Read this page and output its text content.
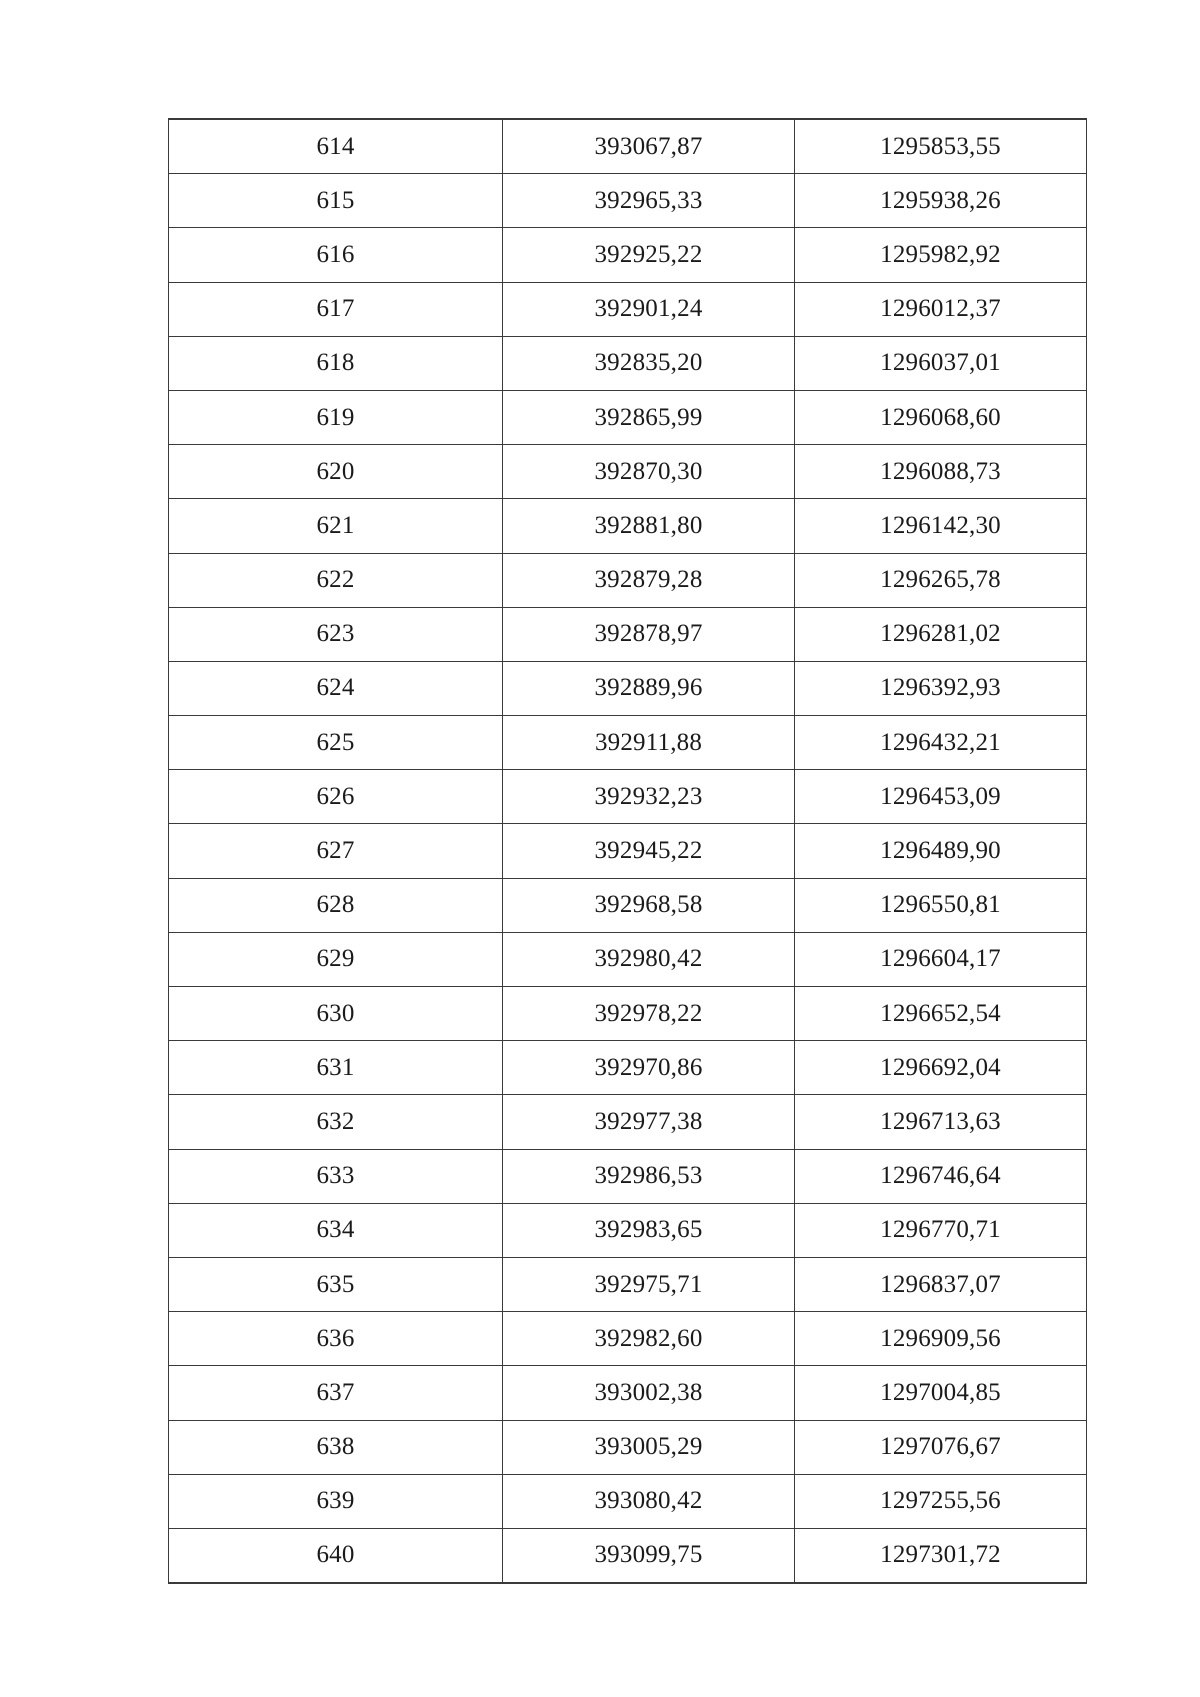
614	393067,87	1295853,55
615	392965,33	1295938,26
616	392925,22	1295982,92
617	392901,24	1296012,37
618	392835,20	1296037,01
619	392865,99	1296068,60
620	392870,30	1296088,73
621	392881,80	1296142,30
622	392879,28	1296265,78
623	392878,97	1296281,02
624	392889,96	1296392,93
625	392911,88	1296432,21
626	392932,23	1296453,09
627	392945,22	1296489,90
628	392968,58	1296550,81
629	392980,42	1296604,17
630	392978,22	1296652,54
631	392970,86	1296692,04
632	392977,38	1296713,63
633	392986,53	1296746,64
634	392983,65	1296770,71
635	392975,71	1296837,07
636	392982,60	1296909,56
637	393002,38	1297004,85
638	393005,29	1297076,67
639	393080,42	1297255,56
640	393099,75	1297301,72
